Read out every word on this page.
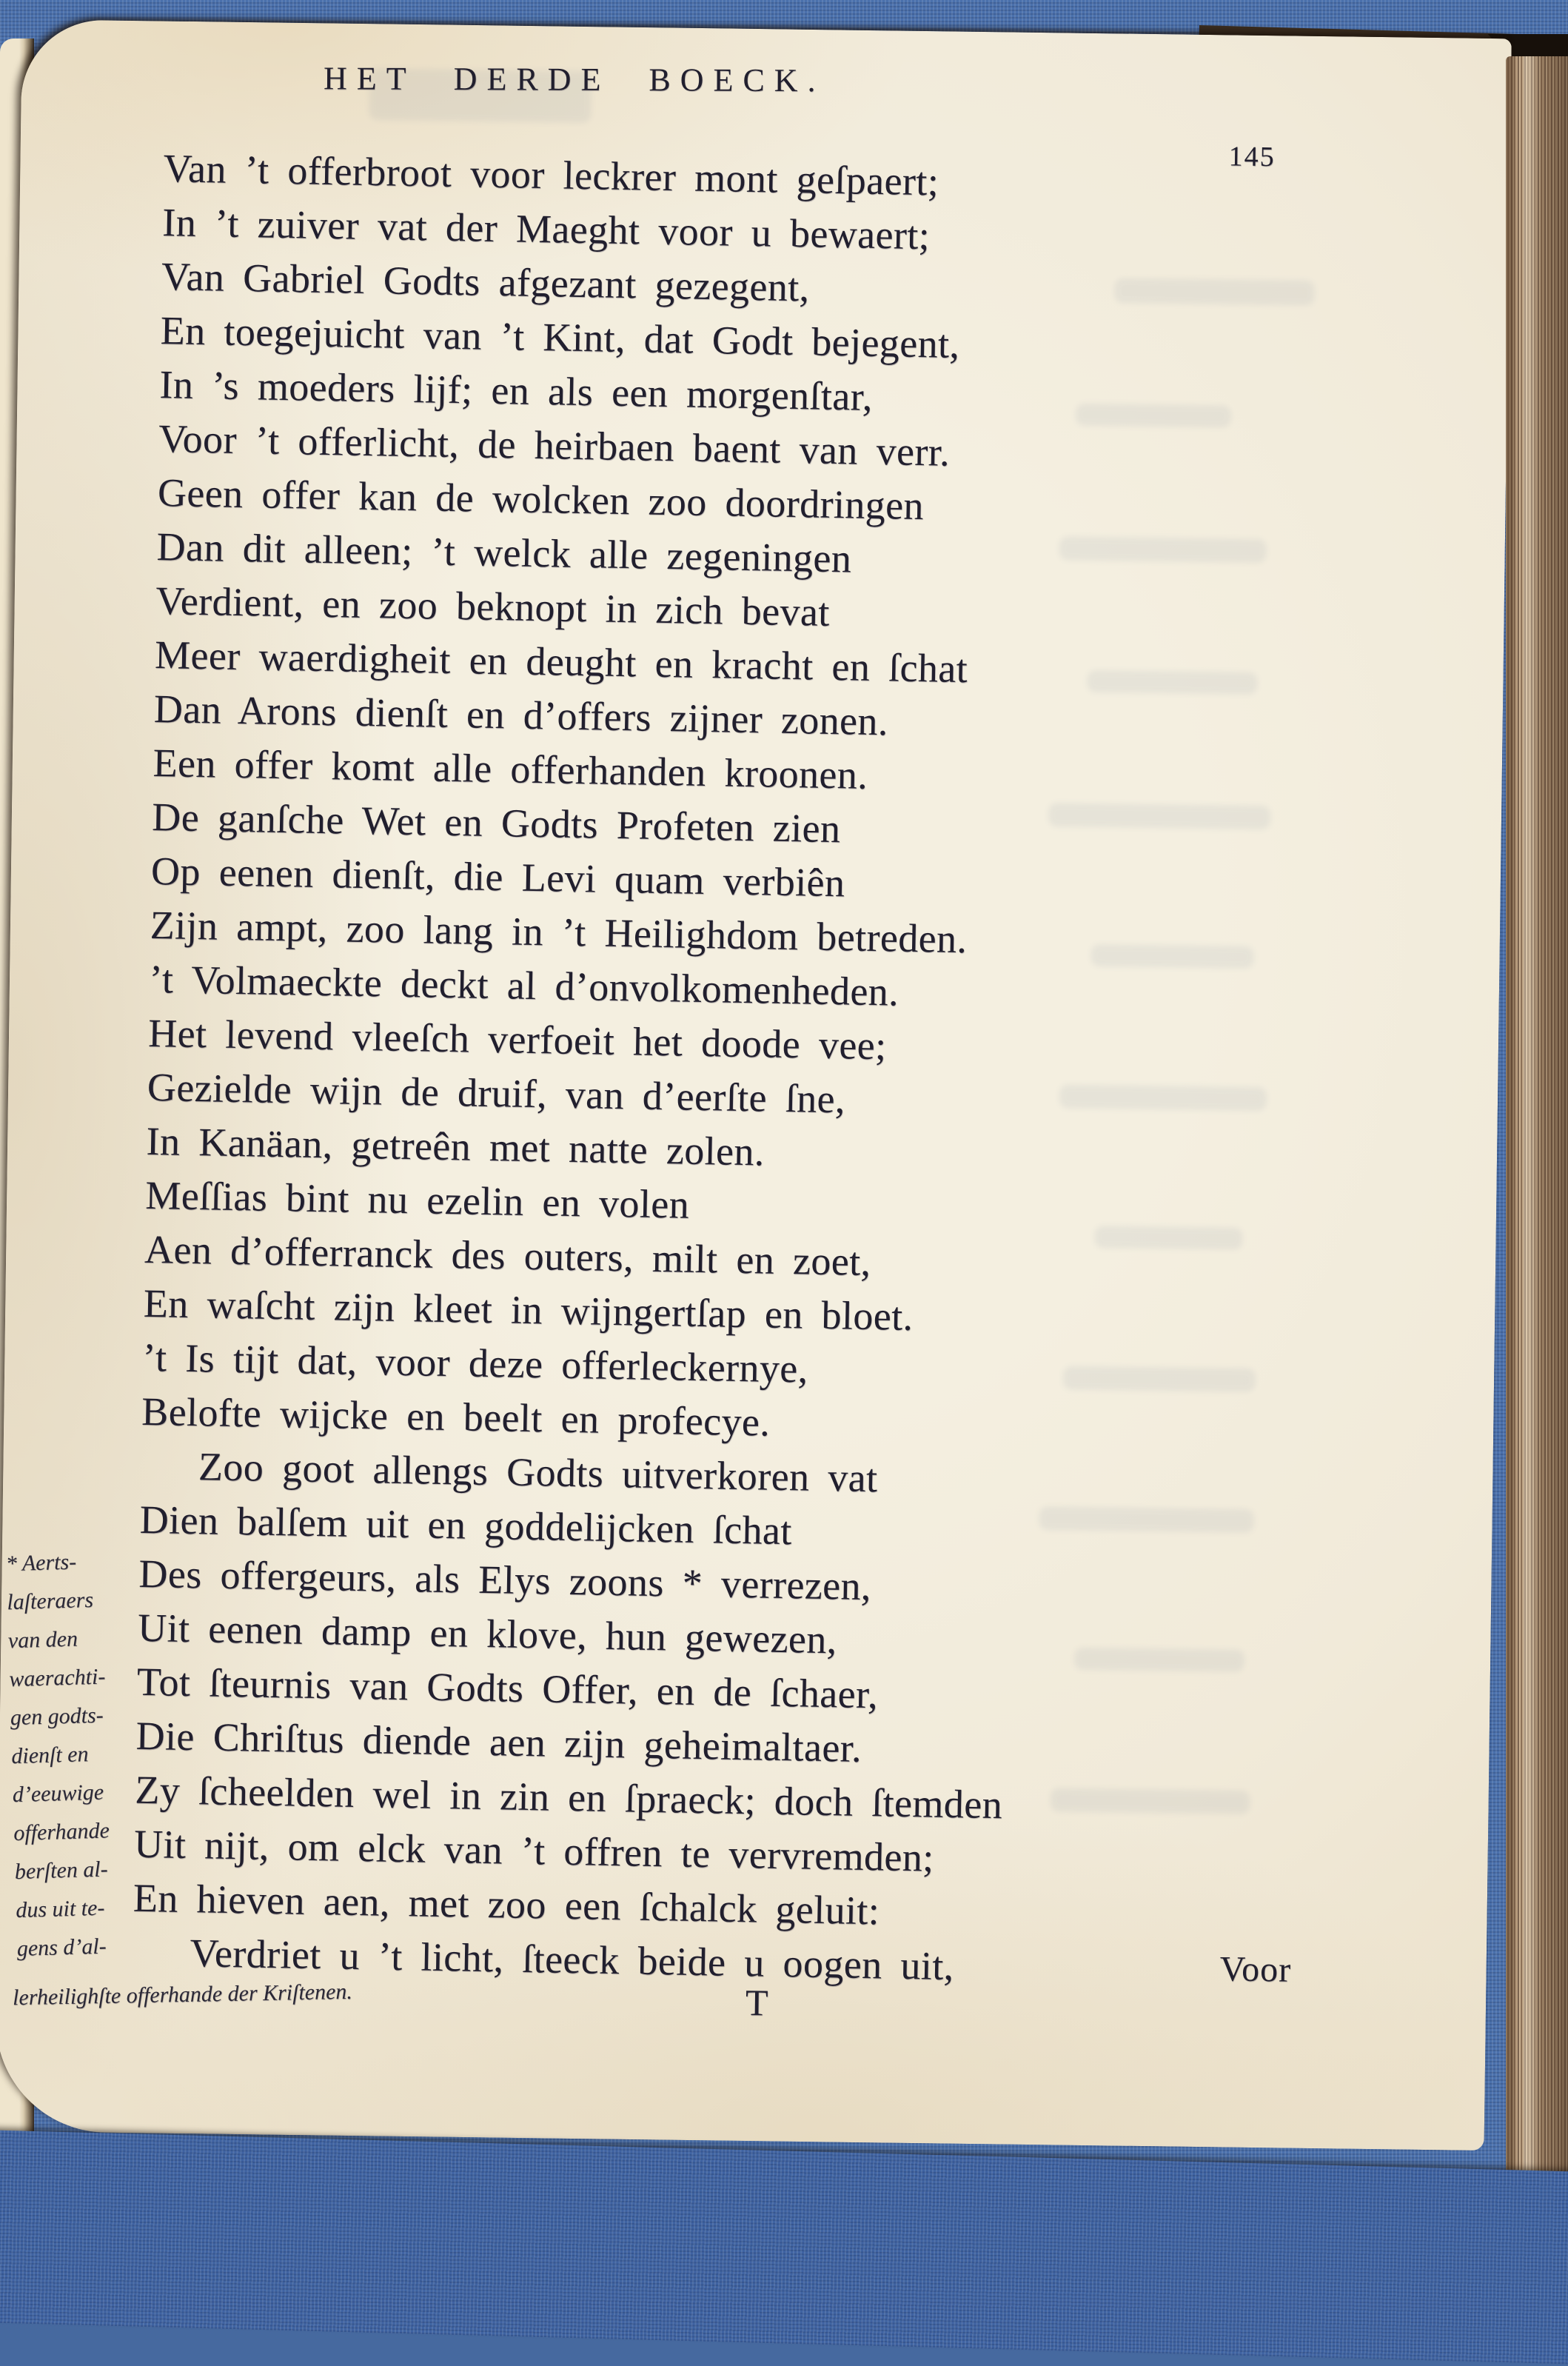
HET DERDE BOECK.
145
Van ’t offerbroot voor leckrer mont geſpaert;
In ’t zuiver vat der Maeght voor u bewaert;
Van Gabriel Godts afgezant gezegent,
En toegejuicht van ’t Kint, dat Godt bejegent,
In ’s moeders lijf; en als een morgenſtar,
Voor ’t offerlicht, de heirbaen baent van verr.
Geen offer kan de wolcken zoo doordringen
Dan dit alleen; ’t welck alle zegeningen
Verdient, en zoo beknopt in zich bevat
Meer waerdigheit en deught en kracht en ſchat
Dan Arons dienſt en d’offers zijner zonen.
Een offer komt alle offerhanden kroonen.
De ganſche Wet en Godts Profeten zien
Op eenen dienſt, die Levi quam verbiên
Zijn ampt, zoo lang in ’t Heilighdom betreden.
’t Volmaeckte deckt al d’onvolkomenheden.
Het levend vleeſch verfoeit het doode vee;
Gezielde wijn de druif, van d’eerſte ſne,
In Kanäan, getreên met natte zolen.
Meſſias bint nu ezelin en volen
Aen d’offerranck des outers, milt en zoet,
En waſcht zijn kleet in wijngertſap en bloet.
’t Is tijt dat, voor deze offerleckernye,
Belofte wijcke en beelt en profecye.
Zoo goot allengs Godts uitverkoren vat
Dien balſem uit en goddelijcken ſchat
Des offergeurs, als Elys zoons * verrezen,
Uit eenen damp en klove, hun gewezen,
Tot ſteurnis van Godts Offer, en de ſchaer,
Die Chriſtus diende aen zijn geheimaltaer.
Zy ſcheelden wel in zin en ſpraeck; doch ſtemden
Uit nijt, om elck van ’t offren te vervremden;
En hieven aen, met zoo een ſchalck geluit:
Verdriet u ’t licht, ſteeck beide u oogen uit,
* Aerts-
laſteraers
van den
waerachti-
gen godts-
dienſt en
d’eeuwige
offerhande
berſten al-
dus uit te-
gens d’al-
lerheilighſte offerhande der Kriſtenen.	T
Voor
